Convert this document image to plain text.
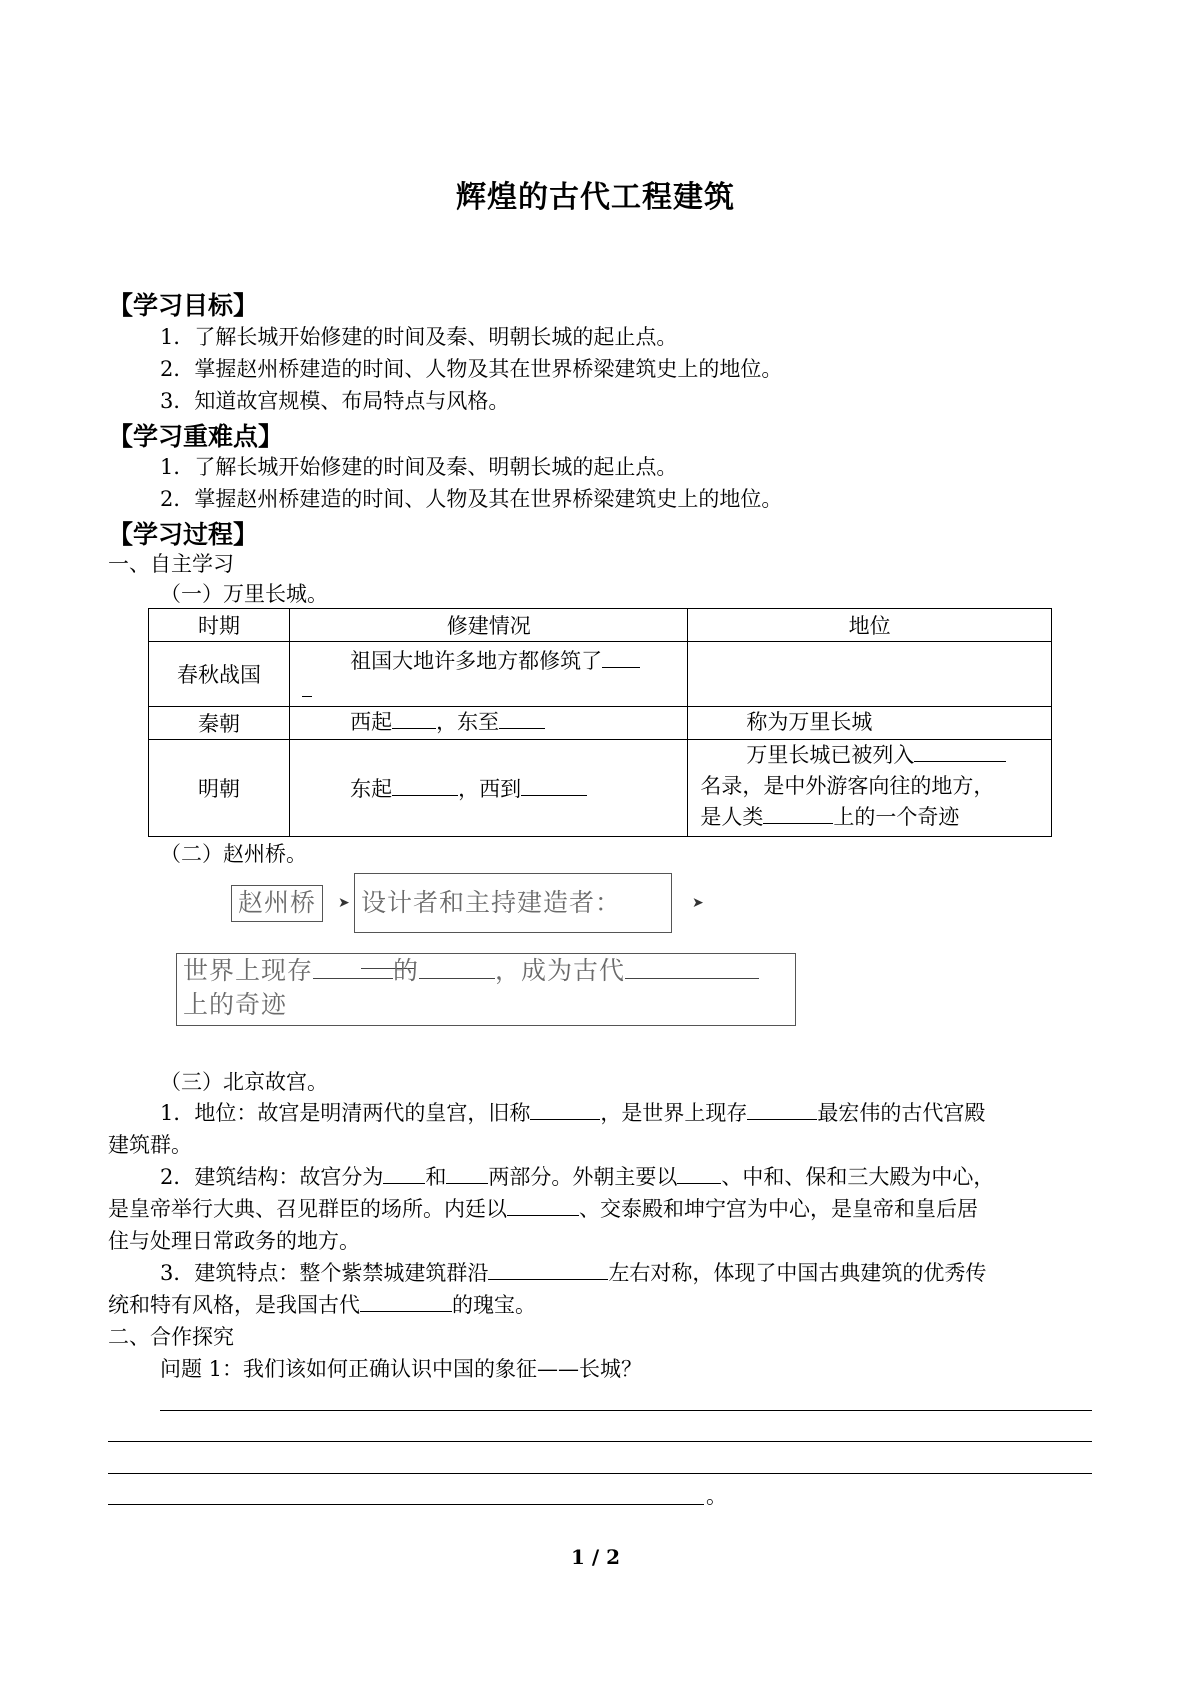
辉煌的古代工程建筑
【学习目标】
1．了解长城开始修建的时间及秦、明朝长城的起止点。
2．掌握赵州桥建造的时间、人物及其在世界桥梁建筑史上的地位。
3．知道故宫规模、布局特点与风格。
【学习重难点】
1．了解长城开始修建的时间及秦、明朝长城的起止点。
2．掌握赵州桥建造的时间、人物及其在世界桥梁建筑史上的地位。
【学习过程】
一、自主学习
（一）万里长城。
时期	修建情况	地位
春秋战国	祖国大地许多地方都修筑了	

秦朝	西起 ，东至	称为万里长城
明朝	东起 ，西到	万里长城已被列入
名录，是中外游客向往的地方，
是人类 上的一个奇迹
（二）赵州桥。
赵州桥	➤ 设计者和主持建造者：	➤
世界上现存	的	，成为古代
上的奇迹
（三）北京故宫。
1．地位：故宫是明清两代的皇宫，旧称	，是世界上现存	最宏伟的古代宫殿
建筑群。
2．建筑结构：故宫分为 和 两部分。外朝主要以 、中和、保和三大殿为中心，
是皇帝举行大典、召见群臣的场所。内廷以	、交泰殿和坤宁宫为中心，是皇帝和皇后居
住与处理日常政务的地方。
3．建筑特点：整个紫禁城建筑群沿	左右对称，体现了中国古典建筑的优秀传
统和特有风格，是我国古代	的瑰宝。
二、合作探究
问题 1：我们该如何正确认识中国的象征——长城？
。
1 / 2
